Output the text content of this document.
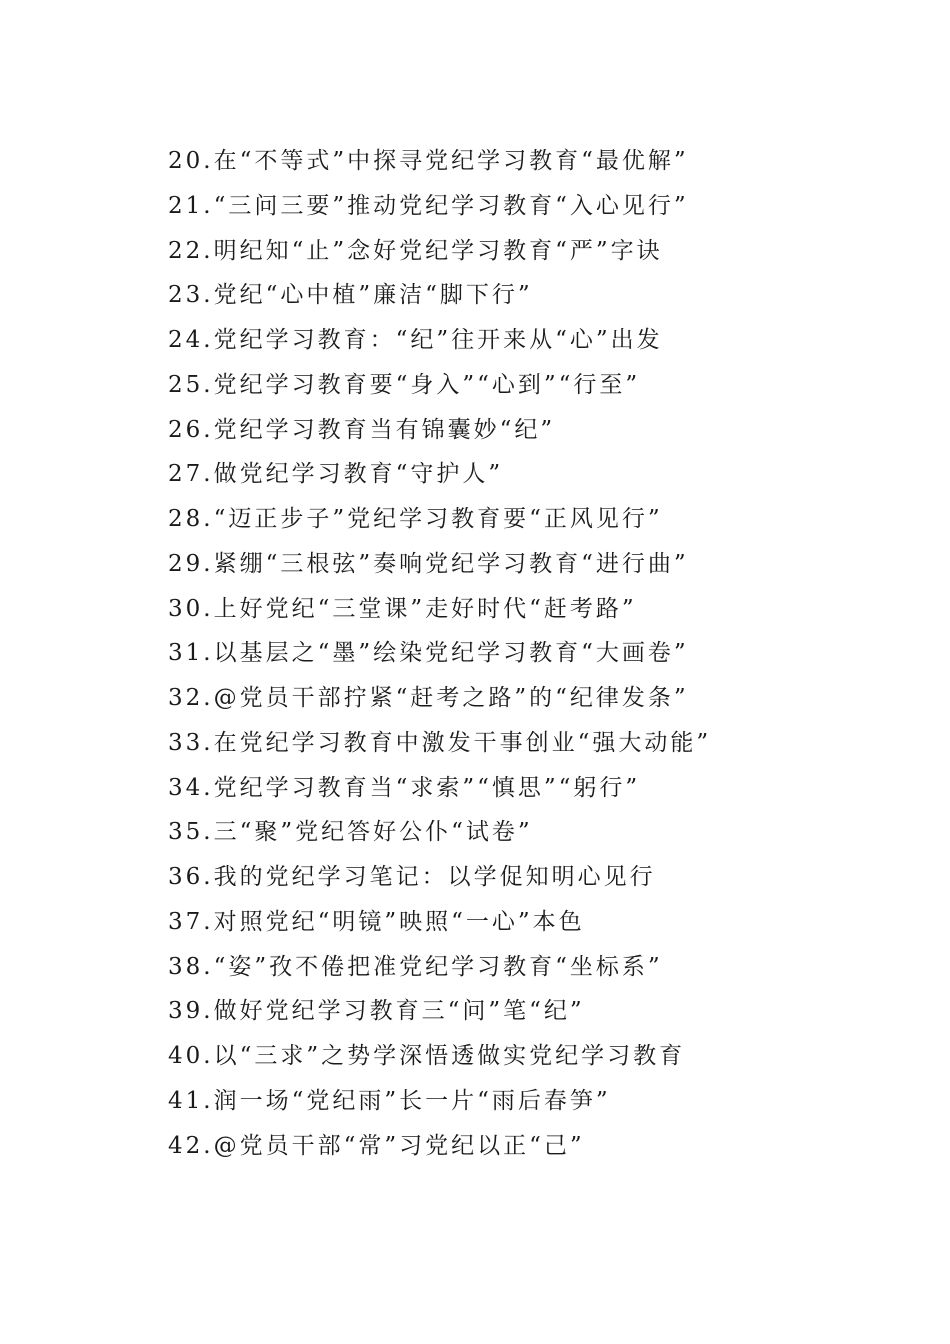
20.在“不等式”中探寻党纪学习教育“最优解”
21.“三问三要”推动党纪学习教育“入心见行”
22.明纪知“止”念好党纪学习教育“严”字诀
23.党纪“心中植”廉洁“脚下行”
24.党纪学习教育：“纪”往开来从“心”出发
25.党纪学习教育要“身入”“心到”“行至”
26.党纪学习教育当有锦囊妙“纪”
27.做党纪学习教育“守护人”
28.“迈正步子”党纪学习教育要“正风见行”
29.紧绷“三根弦”奏响党纪学习教育“进行曲”
30.上好党纪“三堂课”走好时代“赶考路”
31.以基层之“墨”绘染党纪学习教育“大画卷”
32.@党员干部拧紧“赶考之路”的“纪律发条”
33.在党纪学习教育中激发干事创业“强大动能”
34.党纪学习教育当“求索”“慎思”“躬行”
35.三“聚”党纪答好公仆“试卷”
36.我的党纪学习笔记：以学促知明心见行
37.对照党纪“明镜”映照“一心”本色
38.“姿”孜不倦把准党纪学习教育“坐标系”
39.做好党纪学习教育三“问”笔“纪”
40.以“三求”之势学深悟透做实党纪学习教育
41.润一场“党纪雨”长一片“雨后春笋”
42.@党员干部“常”习党纪以正“己”
